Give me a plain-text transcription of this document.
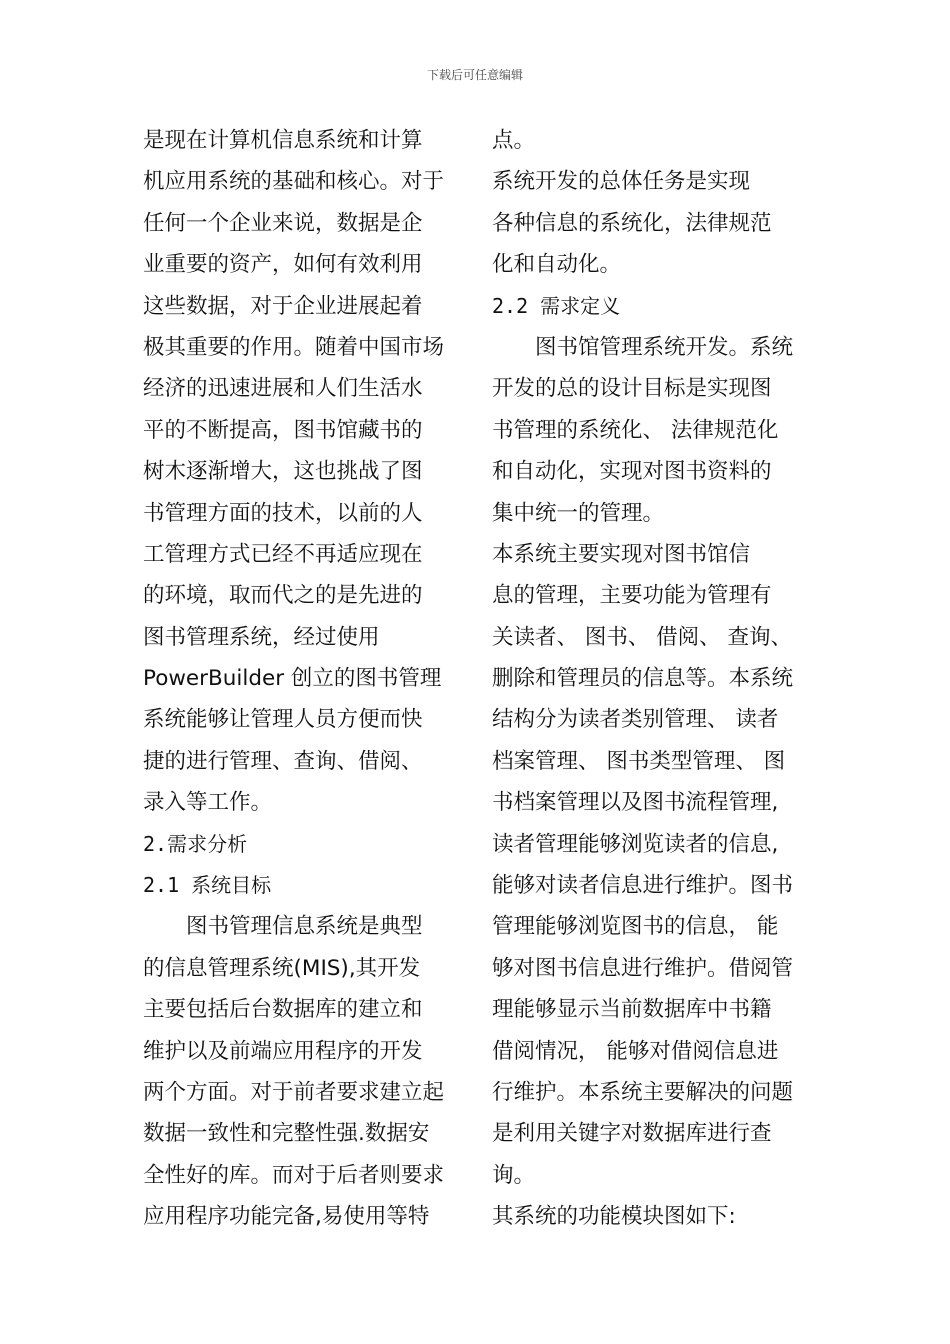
下载后可任意编辑
是现在计算机信息系统和计算
机应用系统的基础和核心。对于
任何一个企业来说，数据是企
业重要的资产，如何有效利用
这些数据，对于企业进展起着
极其重要的作用。随着中国市场
经济的迅速进展和人们生活水
平的不断提高，图书馆藏书的
树木逐渐增大，这也挑战了图
书管理方面的技术，以前的人
工管理方式已经不再适应现在
的环境，取而代之的是先进的
图书管理系统，经过使用
PowerBuilder 创立的图书管理
系统能够让管理人员方便而快
捷的进行管理、查询、借阅、
录入等工作。
2.需求分析
2.1 系统目标
　　图书管理信息系统是典型
的信息管理系统(MIS),其开发
主要包括后台数据库的建立和
维护以及前端应用程序的开发
两个方面。对于前者要求建立起
数据一致性和完整性强.数据安
全性好的库。而对于后者则要求
应用程序功能完备,易使用等特
点。
系统开发的总体任务是实现
各种信息的系统化，法律规范
化和自动化。
2.2 需求定义
　　图书馆管理系统开发。系统
开发的总的设计目标是实现图
书管理的系统化、 法律规范化
和自动化，实现对图书资料的
集中统一的管理。
本系统主要实现对图书馆信
息的管理，主要功能为管理有
关读者、 图书、 借阅、 查询、
删除和管理员的信息等。本系统
结构分为读者类别管理、 读者
档案管理、 图书类型管理、 图
书档案管理以及图书流程管理,
读者管理能够浏览读者的信息,
能够对读者信息进行维护。图书
管理能够浏览图书的信息， 能
够对图书信息进行维护。借阅管
理能够显示当前数据库中书籍
借阅情况， 能够对借阅信息进
行维护。本系统主要解决的问题
是利用关键字对数据库进行查
询。
其系统的功能模块图如下:
